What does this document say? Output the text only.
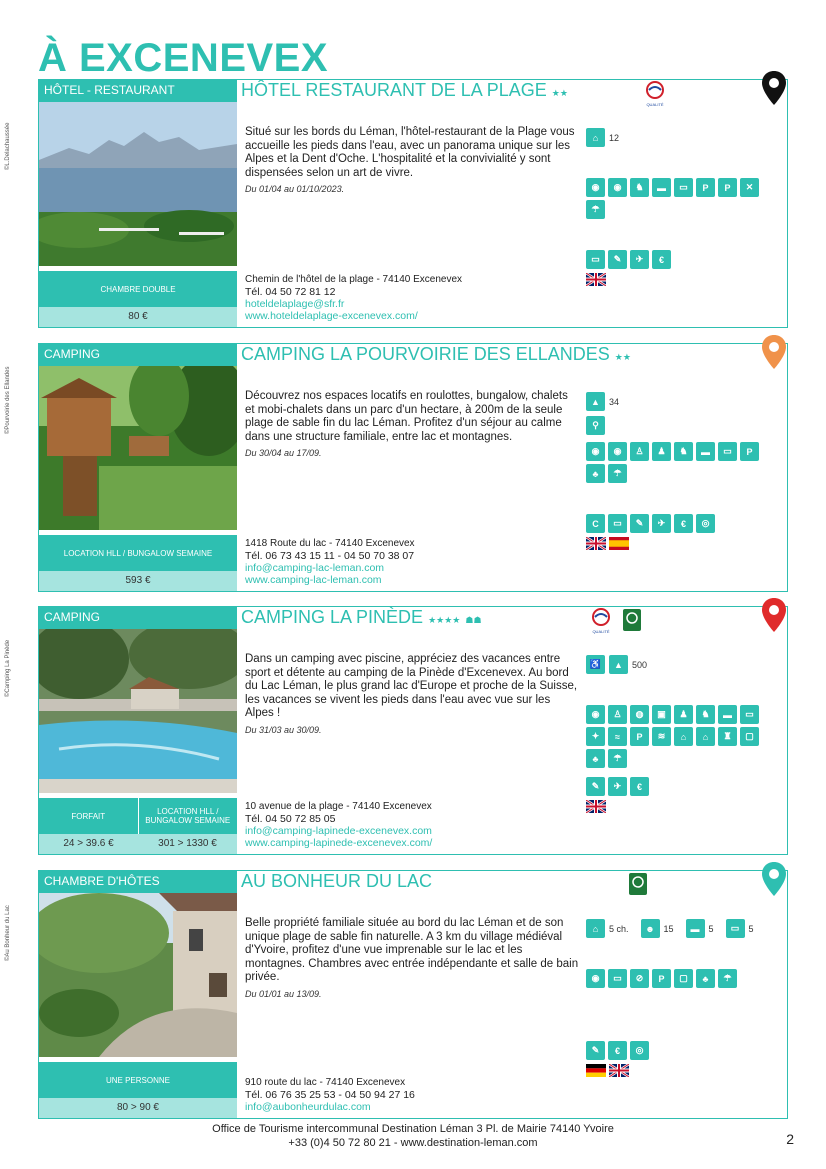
À EXCENEVEX
HÔTEL - RESTAURANT
CHAMBRE DOUBLE
80 €
©L.Delachaussée
HÔTEL RESTAURANT DE LA PLAGE ★★
Situé sur les bords du Léman, l'hôtel-restaurant de la Plage vous accueille les pieds dans l'eau, avec un panorama unique sur les Alpes et la Dent d'Oche. L'hospitalité et la convivialité y sont dispensées selon un art de vivre.
Du 01/04 au 01/10/2023.
Chemin de l'hôtel de la plage - 74140 Excenevex
Tél. 04 50 72 81 12
hoteldelaplage@sfr.fr
www.hoteldelaplage-excenevex.com/
⌂	12
◉	◉	♞	▬	▭	P	P	✕
☂
▭	✎	✈	€
QUALITÉ
CAMPING
LOCATION HLL / BUNGALOW SEMAINE
593 €
©Pourvoirie des Ellandes
CAMPING LA POURVOIRIE DES ELLANDES ★★
Découvrez nos espaces locatifs en roulottes, bungalow, chalets et mobi-chalets dans un parc d'un hectare, à 200m de la seule plage de sable fin du lac Léman. Profitez d'un séjour au calme dans une structure familiale, entre lac et montagnes.
Du 30/04 au 17/09.
1418 Route du lac - 74140 Excenevex
Tél. 06 73 43 15 11 - 04 50 70 38 07
info@camping-lac-leman.com
www.camping-lac-leman.com
▲	34
⚲
◉	◉	♙	♟	♞	▬	▭	P
♣	☂
C	▭	✎	✈	€	◎
CAMPING
FORFAIT	LOCATION HLL / BUNGALOW SEMAINE
24 > 39.6 €	301 > 1330 €
©Camping La Pinède
CAMPING LA PINÈDE ★★★★ ☗☗
Dans un camping avec piscine, appréciez des vacances entre sport et détente au camping de la Pinède d'Excenevex. Au bord du Lac Léman, le plus grand lac d'Europe et proche de la Suisse, les vacances se vivent les pieds dans l'eau avec vue sur les Alpes !
Du 31/03 au 30/09.
10 avenue de la plage - 74140 Excenevex
Tél. 04 50 72 85 05
info@camping-lapinede-excenevex.com
www.camping-lapinede-excenevex.com/
♿	▲	500
◉	♙	◍	▣	♟	♞	▬	▭
✦	≈	P	≋	⌂	⌂	♜	▢
♣	☂
✎	✈	€
QUALITÉ
CHAMBRE D'HÔTES
UNE PERSONNE
80 > 90 €
©Au Bonheur du Lac
AU BONHEUR DU LAC
Belle propriété familiale située au bord du lac Léman et de son unique plage de sable fin naturelle. A 3 km du village médiéval d'Yvoire, profitez d'une vue imprenable sur le lac et les montagnes. Chambres avec entrée indépendante et salle de bain privée.
Du 01/01 au 13/09.
910 route du lac - 74140 Excenevex
Tél. 06 76 35 25 53 - 04 50 94 27 16
info@aubonheurdulac.com
⌂	5 ch.	☻ 15	▬	5	▭	5
◉	▭	⊘	P	▢	♣	☂
✎	€	◎
Office de Tourisme intercommunal Destination Léman 3 Pl. de Mairie 74140 Yvoire
+33 (0)4 50 72 80 21 - www.destination-leman.com	2
